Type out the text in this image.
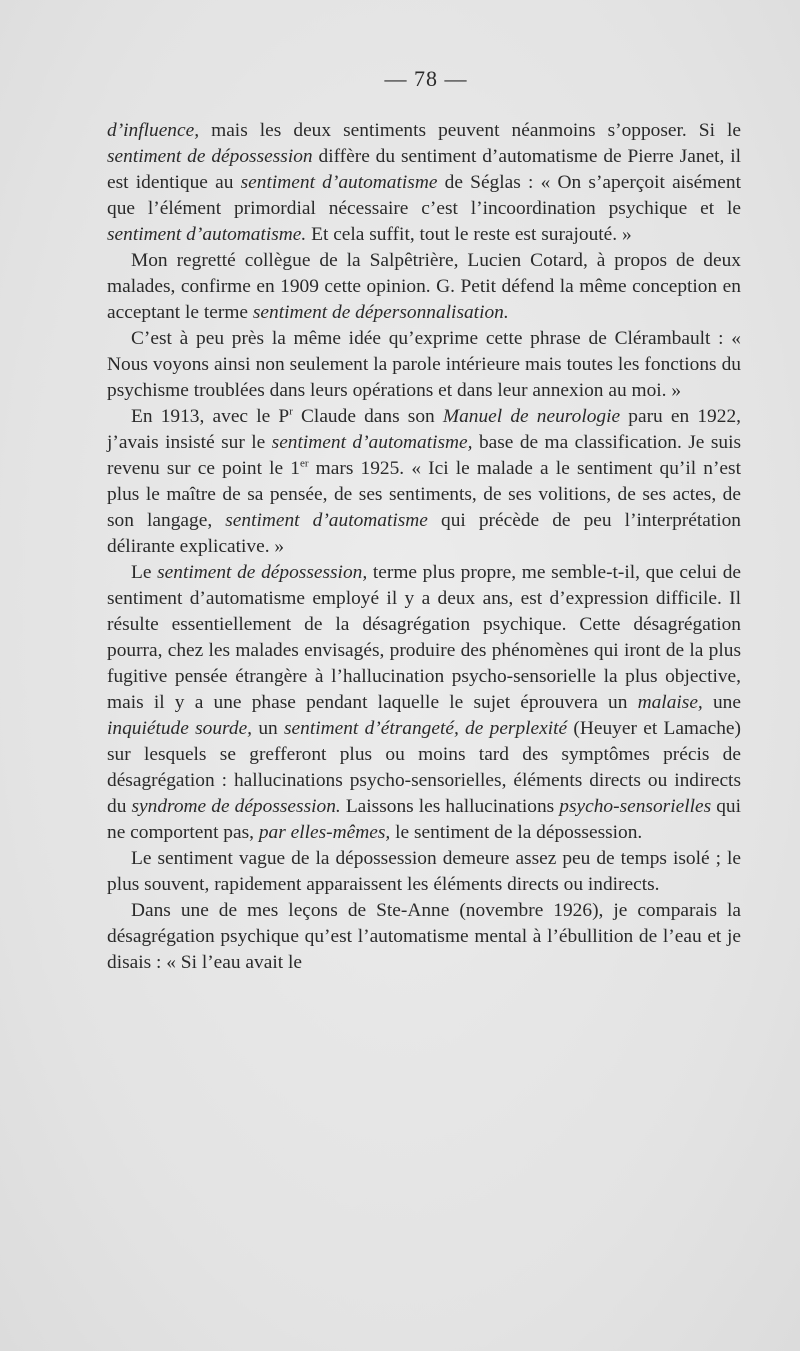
— 78 —

d’influence, mais les deux sentiments peuvent néanmoins s’opposer. Si le sentiment de dépossession diffère du sentiment d’automatisme de Pierre Janet, il est identique au sentiment d’automatisme de Séglas : « On s’aperçoit aisément que l’élément primordial nécessaire c’est l’incoordination psychique et le sentiment d’automatisme. Et cela suffit, tout le reste est surajouté. »

Mon regretté collègue de la Salpêtrière, Lucien Cotard, à propos de deux malades, confirme en 1909 cette opinion. G. Petit défend la même conception en acceptant le terme sentiment de dépersonnalisation.

C’est à peu près la même idée qu’exprime cette phrase de Clérambault : « Nous voyons ainsi non seulement la parole intérieure mais toutes les fonctions du psychisme troublées dans leurs opérations et dans leur annexion au moi. »

En 1913, avec le $P^r$ Claude dans son Manuel de neurologie paru en 1922, j’avais insisté sur le sentiment d’automatisme, base de ma classification. Je suis revenu sur ce point le 1er mars 1925. « Ici le malade a le sentiment qu’il n’est plus le maître de sa pensée, de ses sentiments, de ses volitions, de ses actes, de son langage, sentiment d’automatisme qui précède de peu l’interprétation délirante explicative. »

Le sentiment de dépossession, terme plus propre, me semble-t-il, que celui de sentiment d’automatisme employé il y a deux ans, est d’expression difficile. Il résulte essentiellement de la désagrégation psychique. Cette désagrégation pourra, chez les malades envisagés, produire des phénomènes qui iront de la plus fugitive pensée étrangère à l’hallucination psycho-sensorielle la plus objective, mais il y a une phase pendant laquelle le sujet éprouvera un malaise, une inquiétude sourde, un sentiment d’étrangeté, de perplexité (Heuyer et Lamache) sur lesquels se grefferont plus ou moins tard des symptômes précis de désagrégation : hallucinations psycho-sensorielles, éléments directs ou indirects du syndrome de dépossession. Laissons les hallucinations psycho-sensorielles qui ne comportent pas, par elles-mêmes, le sentiment de la dépossession.

Le sentiment vague de la dépossession demeure assez peu de temps isolé ; le plus souvent, rapidement apparaissent les éléments directs ou indirects.

Dans une de mes leçons de Ste-Anne (novembre 1926), je comparais la désagrégation psychique qu’est l’automatisme mental à l’ébullition de l’eau et je disais : « Si l’eau avait le
